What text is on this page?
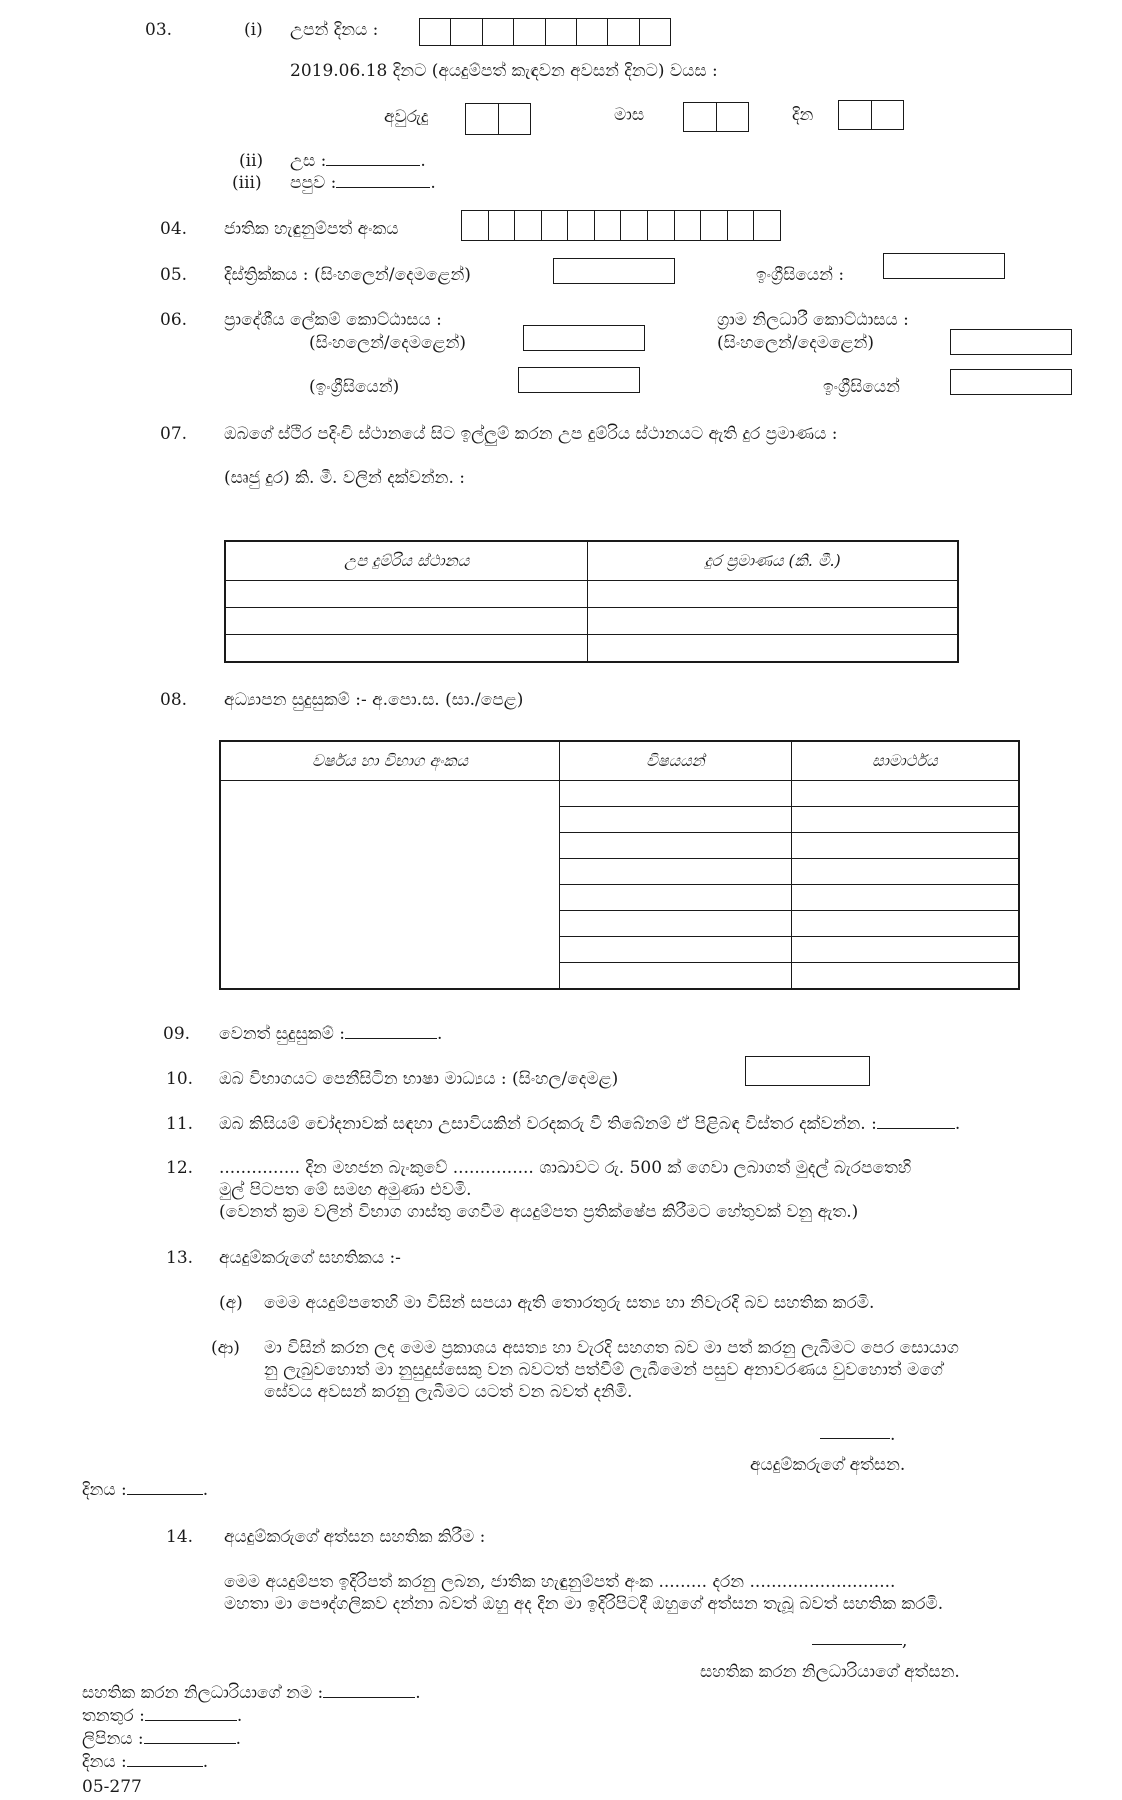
03.	(i) උපන් දිනය :
2019.06.18 දිනට (අයදුම්පත් කැඳවන අවසන් දිනට) වයස :
අවුරුදු	මාස	දින
(ii) උස :	.
(iii) පපුව :	.
04. ජාතික හැඳුනුම්පත් අංකය
05. දිස්ත්‍රික්කය : (සිංහලෙන්/දෙමළෙන්)	ඉංග්‍රීසියෙන් :
06. ප්‍රාදේශීය ලේකම් කොට්ඨාසය :
(සිංහලෙන්/දෙමළෙන්)
(ඉංග්‍රීසියෙන්)
ග්‍රාම නිලධාරී කොට්ඨාසය :
(සිංහලෙන්/දෙමළෙන්)
ඉංග්‍රීසියෙන්
07. ඔබගේ ස්ථිර පදිංචි ස්ථානයේ සිට ඉල්ලුම් කරන උප දුම්රිය ස්ථානයට ඇති දුර ප්‍රමාණය :
(සෘජු දුර) කි. මී. වලින් දක්වන්න. :
උප දුම්රිය ස්ථානය	දුර ප්‍රමාණය (කි. මී.)

08. අධ්‍යාපන සුදුසුකම් :- අ.පො.ස. (සා./පෙළ)
වර්ෂය හා විභාග අංකය	විෂයයන්	සාමාර්ථය

09. වෙනත් සුදුසුකම් :	.
10. ඔබ විභාගයට පෙනීසිටින භාෂා මාධ්‍යය : (සිංහල/දෙමළ)
11. ඔබ කිසියම් චෝදනාවක් සඳහා උසාවියකින් වරදකරු වී තිබේනම් ඒ පිළිබඳ විස්තර දක්වන්න. :	.
12. ............... දින මහජන බැංකුවේ ............... ශාඛාවට රු. 500 ක් ගෙවා ලබාගත් මුදල් බැරපතෙහි
මුල් පිටපත මේ සමඟ අමුණා එවමි.
(වෙනත් ක්‍රම වලින් විභාග ගාස්තු ගෙවීම අයදුම්පත ප්‍රතික්ෂේප කිරීමට හේතුවක් වනු ඇත.)
13. අයදුම්කරුගේ සහතිකය :-
(අ) මෙම අයදුම්පතෙහි මා විසින් සපයා ඇති තොරතුරු සත්‍ය හා නිවැරදි බව සහතික කරමි.
(ආ) මා විසින් කරන ලද මෙම ප්‍රකාශය අසත්‍ය හා වැරදි සහගත බව මා පත් කරනු ලැබීමට පෙර සොයාග
නු ලැබුවහොත් මා නුසුදුස්සෙකු වන බවටත් පත්වීම් ලැබීමෙන් පසුව අනාවරණය වුවහොත් මගේ
සේවය අවසන් කරනු ලැබීමට යටත් වන බවත් දනිමි.
.
අයදුම්කරුගේ අත්සන.
දිනය :	.
14. අයදුම්කරුගේ අත්සන සහතික කිරීම :
මෙම අයදුම්පත ඉදිරිපත් කරනු ලබන, ජාතික හැඳුනුම්පත් අංක ......... දරන ...........................
මහතා මා පෞද්ගලිකව දන්නා බවත් ඔහු අද දින මා ඉදිරිපිටදී ඔහුගේ අත්සන තැබූ බවත් සහතික කරමි.
,
සහතික කරන නිලධාරියාගේ අත්සන.
සහතික කරන නිලධාරියාගේ නම :	.
තනතුර :	.
ලිපිනය :	.
දිනය :	.
05-277
